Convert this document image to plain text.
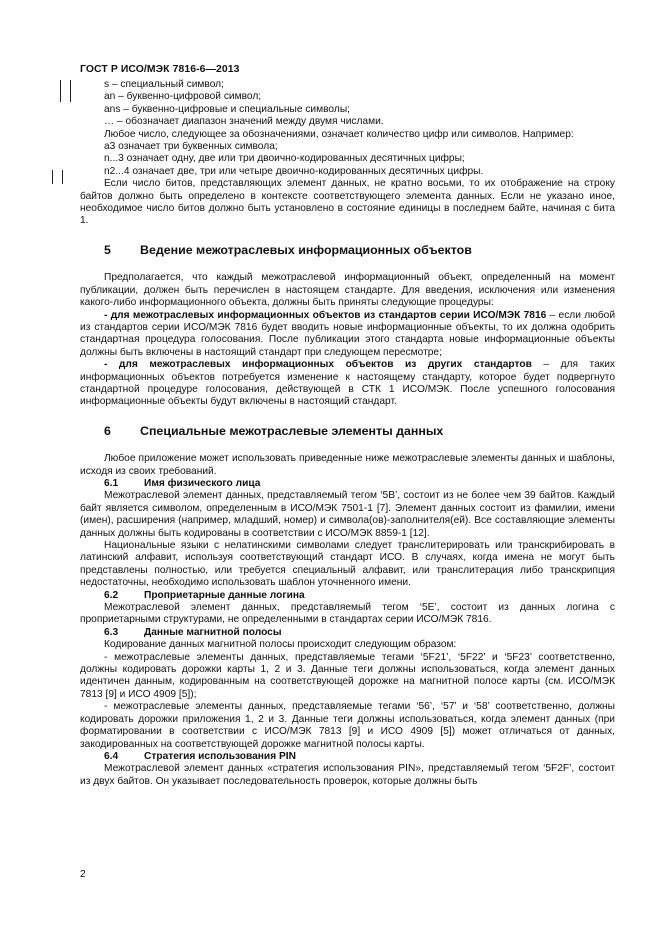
ГОСТ Р ИСО/МЭК 7816-6—2013

s – специальный символ;

an – буквенно-цифровой символ;

ans – буквенно-цифровые и специальные символы;

… – обозначает диапазон значений между двумя числами.

Любое число, следующее за обозначениями, означает количество цифр или символов. Например:

a3 означает три буквенных символа;

n...3 означает одну, две или три двоично-кодированных десятичных цифры;

n2...4 означает две, три или четыре двоично-кодированных десятичных цифры.

Если число битов, представляющих элемент данных, не кратно восьми, то их отображение на строку байтов должно быть определено в контексте соответствующего элемента данных. Если не указано иное, необходимое число битов должно быть установлено в состояние единицы в последнем байте, начиная с бита 1.

5 Ведение межотраслевых информационных объектов

Предполагается, что каждый межотраслевой информационный объект, определенный на момент публикации, должен быть перечислен в настоящем стандарте. Для введения, исключения или изменения какого-либо информационного объекта, должны быть приняты следующие процедуры:

- для межотраслевых информационных объектов из стандартов серии ИСО/МЭК 7816 – если любой из стандартов серии ИСО/МЭК 7816 будет вводить новые информационные объекты, то их должна одобрить стандартная процедура голосования. После публикации этого стандарта новые информационные объекты должны быть включены в настоящий стандарт при следующем пересмотре;

- для межотраслевых информационных объектов из других стандартов – для таких информационных объектов потребуется изменение к настоящему стандарту, которое будет подвергнуто стандартной процедуре голосования, действующей в СТК 1 ИСО/МЭК. После успешного голосования информационные объекты будут включены в настоящий стандарт.

6 Специальные межотраслевые элементы данных

Любое приложение может использовать приведенные ниже межотраслевые элементы данных и шаблоны, исходя из своих требований.

6.1	Имя физического лица

Межотраслевой элемент данных, представляемый тегом ‘5B’, состоит из не более чем 39 байтов. Каждый байт является символом, определенным в ИСО/МЭК 7501-1 [7]. Элемент данных состоит из фамилии, имени (имен), расширения (например, младший, номер) и символа(ов)-заполнителя(ей). Все составляющие элементы данных должны быть кодированы в соответствии с ИСО/МЭК 8859-1 [12].

Национальные языки с нелатинскими символами следует транслитерировать или транскрибировать в латинский алфавит, используя соответствующий стандарт ИСО. В случаях, когда имена не могут быть представлены полностью, или требуется специальный алфавит, или транслитерация либо транскрипция недостаточны, необходимо использовать шаблон уточненного имени.

6.2	Проприетарные данные логина

Межотраслевой элемент данных, представляемый тегом ‘5E’, состоит из данных логина с проприетарными структурами, не определенными в стандартах серии ИСО/МЭК 7816.

6.3	Данные магнитной полосы

Кодирование данных магнитной полосы происходит следующим образом:

- межотраслевые элементы данных, представляемые тегами ‘5F21’, ‘5F22’ и ‘5F23’ соответственно, должны кодировать дорожки карты 1, 2 и 3. Данные теги должны использоваться, когда элемент данных идентичен данным, кодированным на соответствующей дорожке на магнитной полосе карты (см. ИСО/МЭК 7813 [9] и ИСО 4909 [5]);

- межотраслевые элементы данных, представляемые тегами ‘56’, ‘57’ и ‘58’ соответственно, должны кодировать дорожки приложения 1, 2 и 3. Данные теги должны использоваться, когда элемент данных (при форматировании в соответствии с ИСО/МЭК 7813 [9] и ИСО 4909 [5]) может отличаться от данных, закодированных на соответствующей дорожке магнитной полосы карты.

6.4	Стратегия использования PIN

Межотраслевой элемент данных «стратегия использования PIN», представляемый тегом ‘5F2F’, состоит из двух байтов. Он указывает последовательность проверок, которые должны быть

2
